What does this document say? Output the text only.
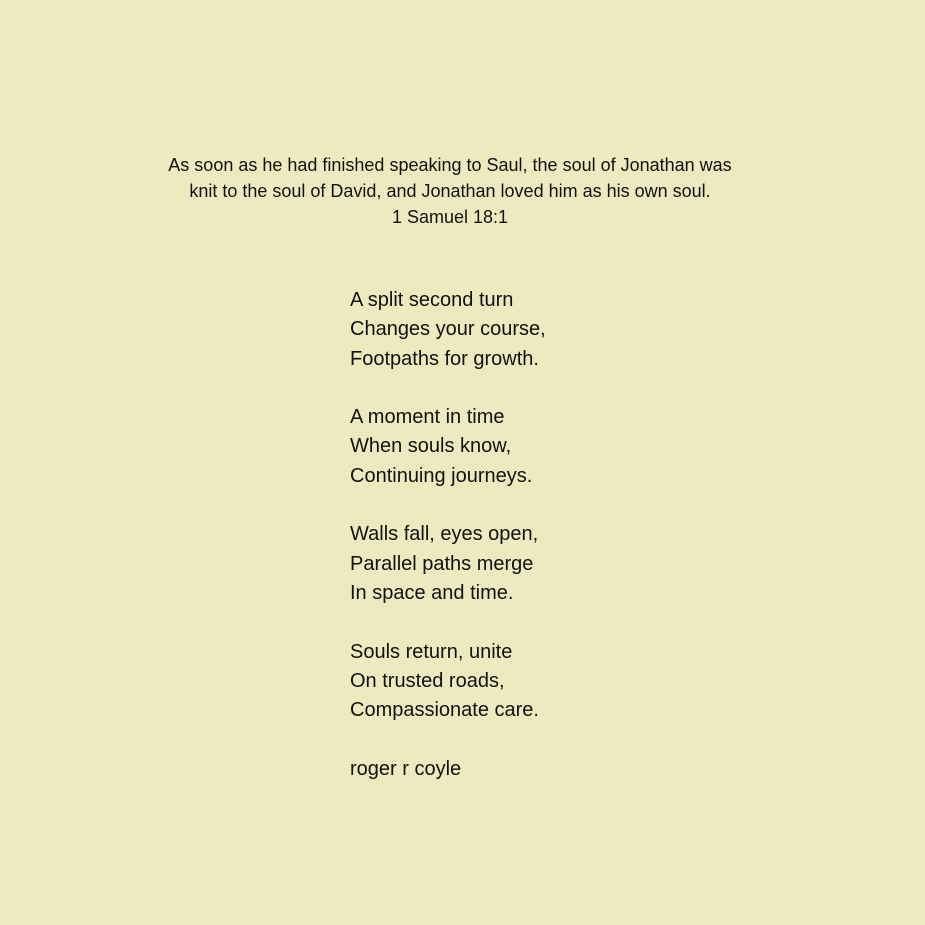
As soon as he had finished speaking to Saul, the soul of Jonathan was
knit to the soul of David, and Jonathan loved him as his own soul.
1 Samuel 18:1
A split second turn
Changes your course,
Footpaths for growth.
A moment in time
When souls know,
Continuing journeys.
Walls fall, eyes open,
Parallel paths merge
In space and time.
Souls return, unite
On trusted roads,
Compassionate care.
roger r coyle
